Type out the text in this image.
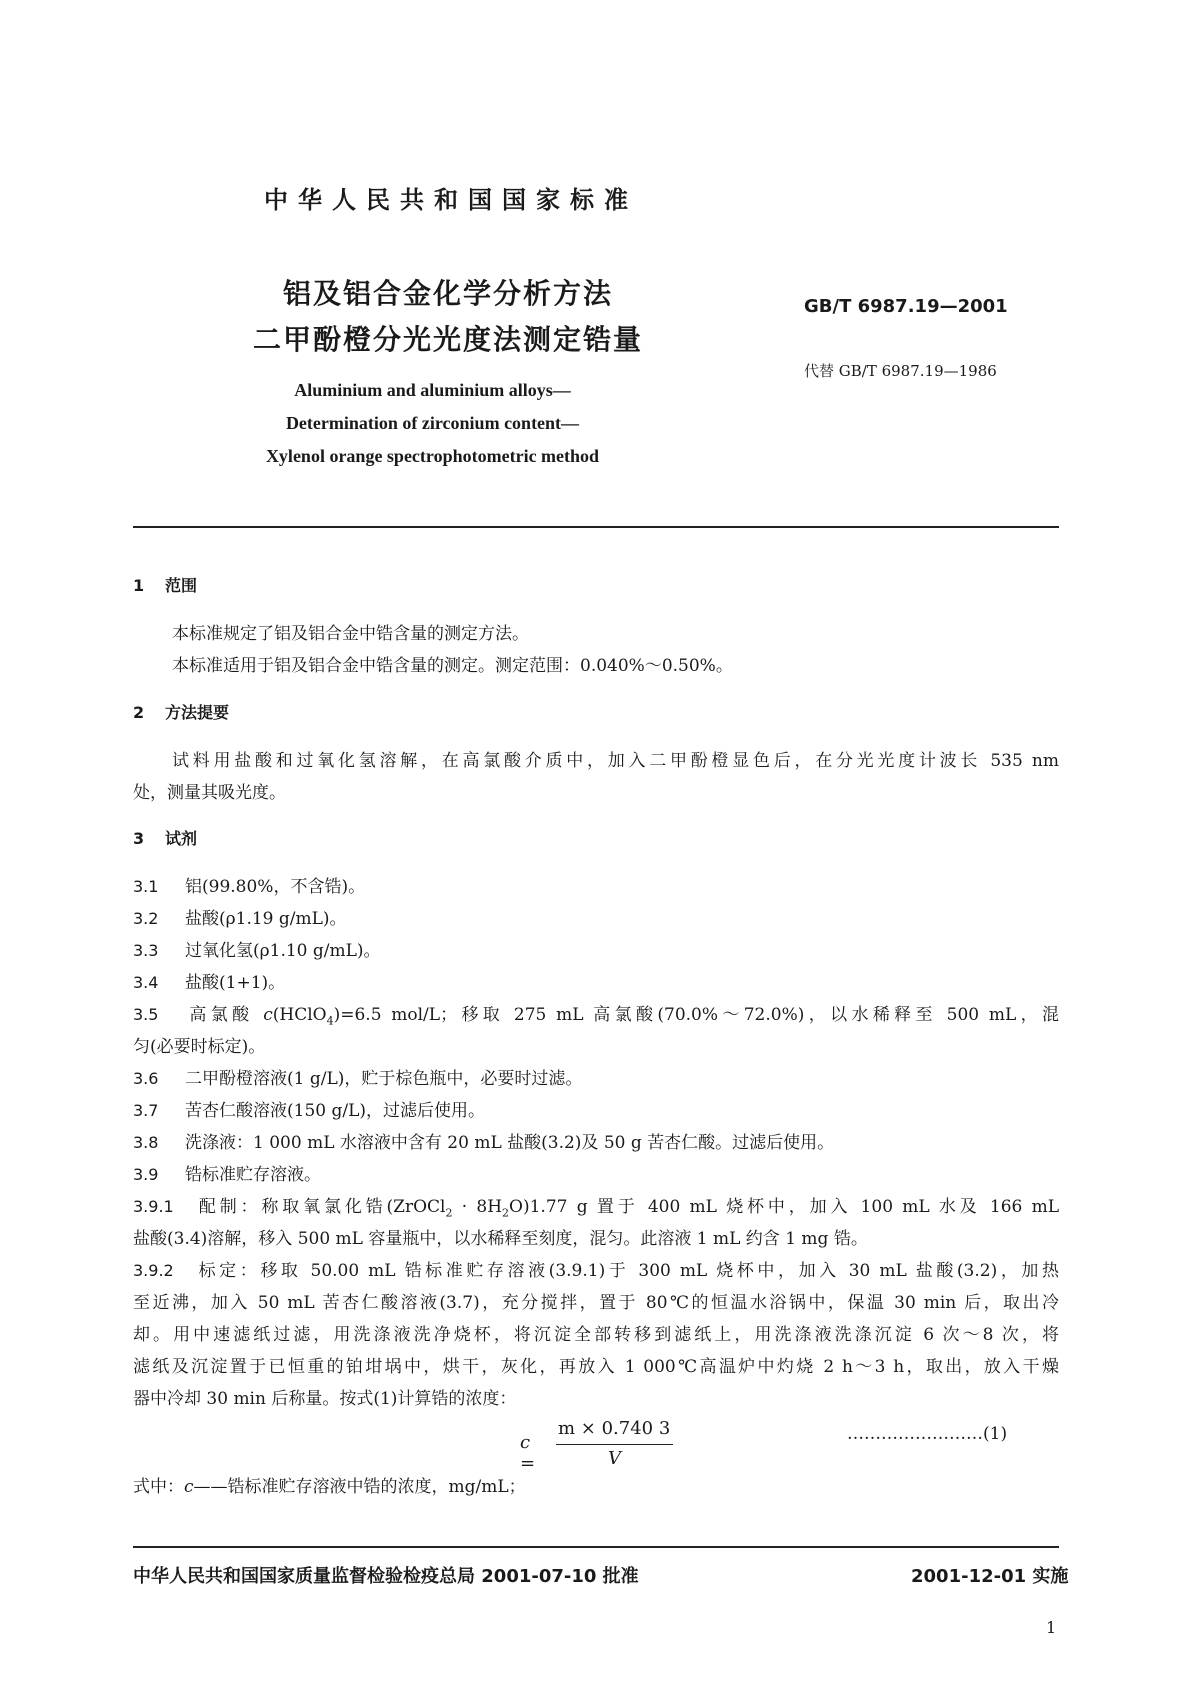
中华人民共和国国家标准
铝及铝合金化学分析方法
二甲酚橙分光光度法测定锆量
GB/T 6987.19—2001
代替 GB/T 6987.19—1986
Aluminium and aluminium alloys—
Determination of zirconium content—
Xylenol orange spectrophotometric method
1 范围
本标准规定了铝及铝合金中锆含量的测定方法。
本标准适用于铝及铝合金中锆含量的测定。测定范围：0.040%～0.50%。
2 方法提要
试料用盐酸和过氧化氢溶解，在高氯酸介质中，加入二甲酚橙显色后，在分光光度计波长 535 nm
处，测量其吸光度。
3 试剂
3.1 铝(99.80%，不含锆)。
3.2 盐酸(ρ1.19 g/mL)。
3.3 过氧化氢(ρ1.10 g/mL)。
3.4 盐酸(1+1)。
3.5 高氯酸 c(HClO$_4$)=6.5 mol/L；移取 275 mL 高氯酸(70.0%～72.0%)，以水稀释至 500 mL，混
匀(必要时标定)。
3.6 二甲酚橙溶液(1 g/L)，贮于棕色瓶中，必要时过滤。
3.7 苦杏仁酸溶液(150 g/L)，过滤后使用。
3.8 洗涤液：1 000 mL 水溶液中含有 20 mL 盐酸(3.2)及 50 g 苦杏仁酸。过滤后使用。
3.9 锆标准贮存溶液。
3.9.1 配制：称取氧氯化锆(ZrOCl$_2$ · $8H_2O)1.77$ g 置于 400 mL 烧杯中，加入 100 mL 水及 166 mL
盐酸(3.4)溶解，移入 500 mL 容量瓶中，以水稀释至刻度，混匀。此溶液 1 mL 约含 1 mg 锆。
3.9.2 标定：移取 50.00 mL 锆标准贮存溶液(3.9.1)于 300 mL 烧杯中，加入 30 mL 盐酸(3.2)，加热
至近沸，加入 50 mL 苦杏仁酸溶液(3.7)，充分搅拌，置于 80℃的恒温水浴锅中，保温 30 min 后，取出冷
却。用中速滤纸过滤，用洗涤液洗净烧杯，将沉淀全部转移到滤纸上，用洗涤液洗涤沉淀 6 次～8 次，将
滤纸及沉淀置于已恒重的铂坩埚中，烘干，灰化，再放入 1 000℃高温炉中灼烧 2 h～3 h，取出，放入干燥
器中冷却 30 min 后称量。按式(1)计算锆的浓度：
c =
m × 0.740 3
V
……………………(1)
式中：c——锆标准贮存溶液中锆的浓度，mg/mL；
中华人民共和国国家质量监督检验检疫总局 2001-07-10 批准	2001-12-01 实施
1
